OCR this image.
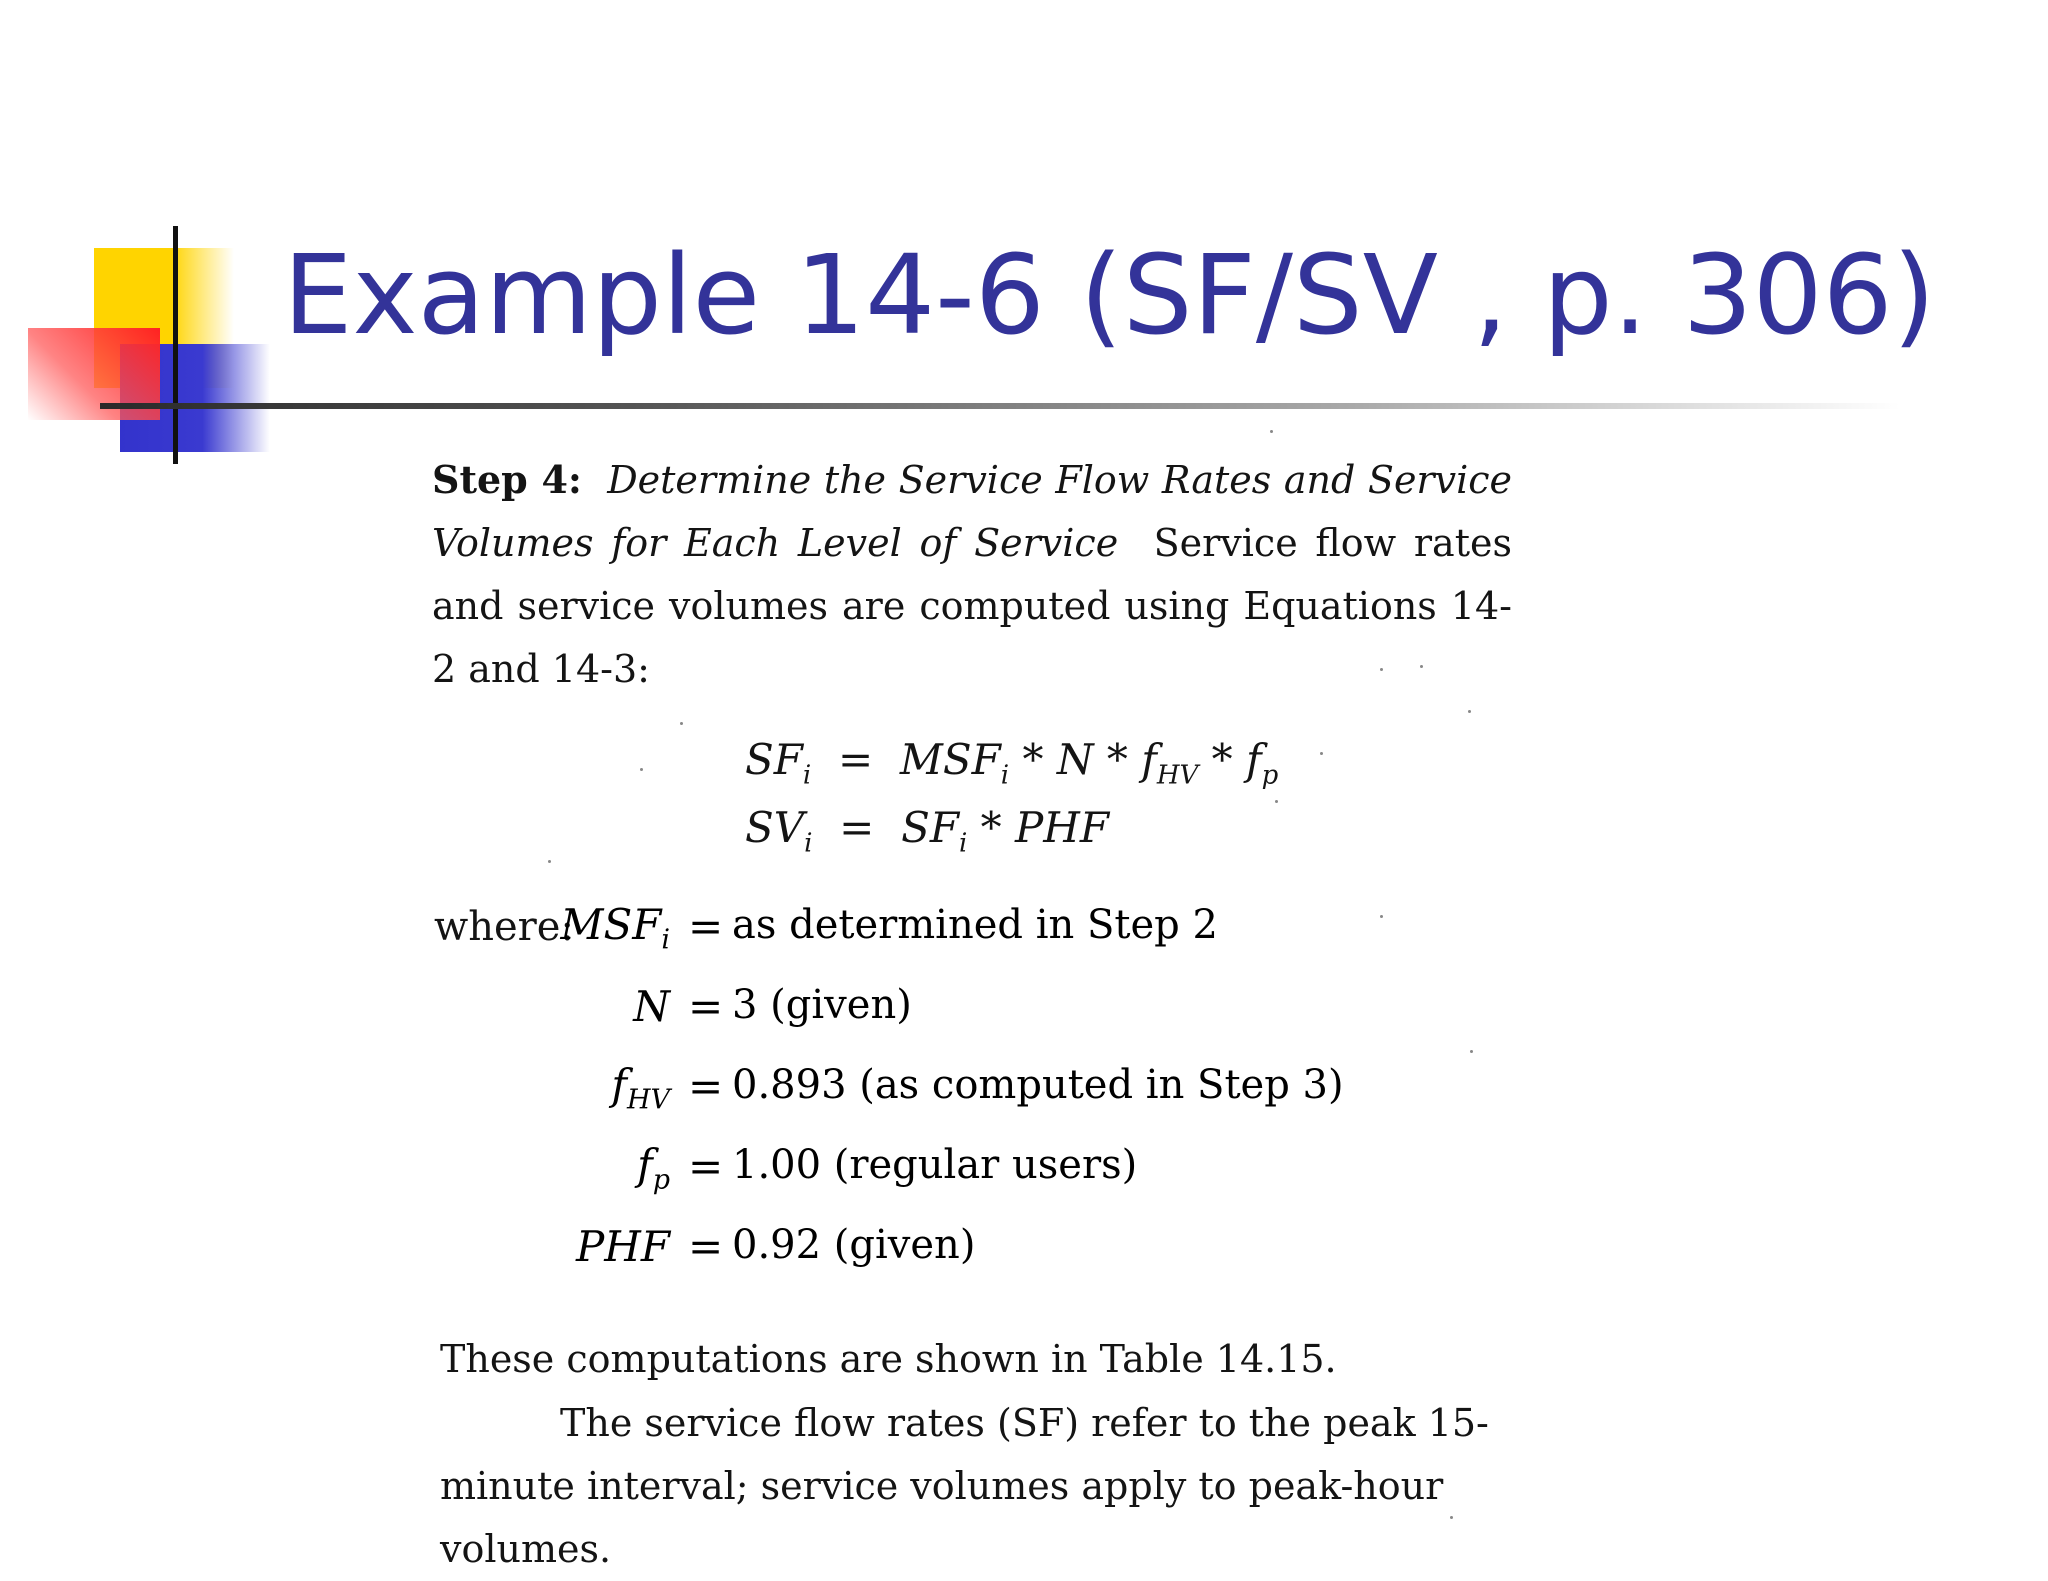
Example 14-6 (SF/SV , p. 306)
Step 4: Determine the Service Flow Rates and Service Volumes for Each Level of Service Service flow rates and service volumes are computed using Equations 14-2 and 14-3:
$SF_i = MSF_i * N * f_{HV} * f_p$
$SV_i = SF_i$ * PHF
where:
$MSF_i$ = as determined in Step 2
N = 3 (given)
$f_{HV} = 0.893$ (as computed in Step 3)
$f_p = 1.00$ (regular users)
PHF = 0.92 (given)
These computations are shown in Table 14.15.
The service flow rates (SF) refer to the peak 15-minute interval; service volumes apply to peak-hour volumes.
